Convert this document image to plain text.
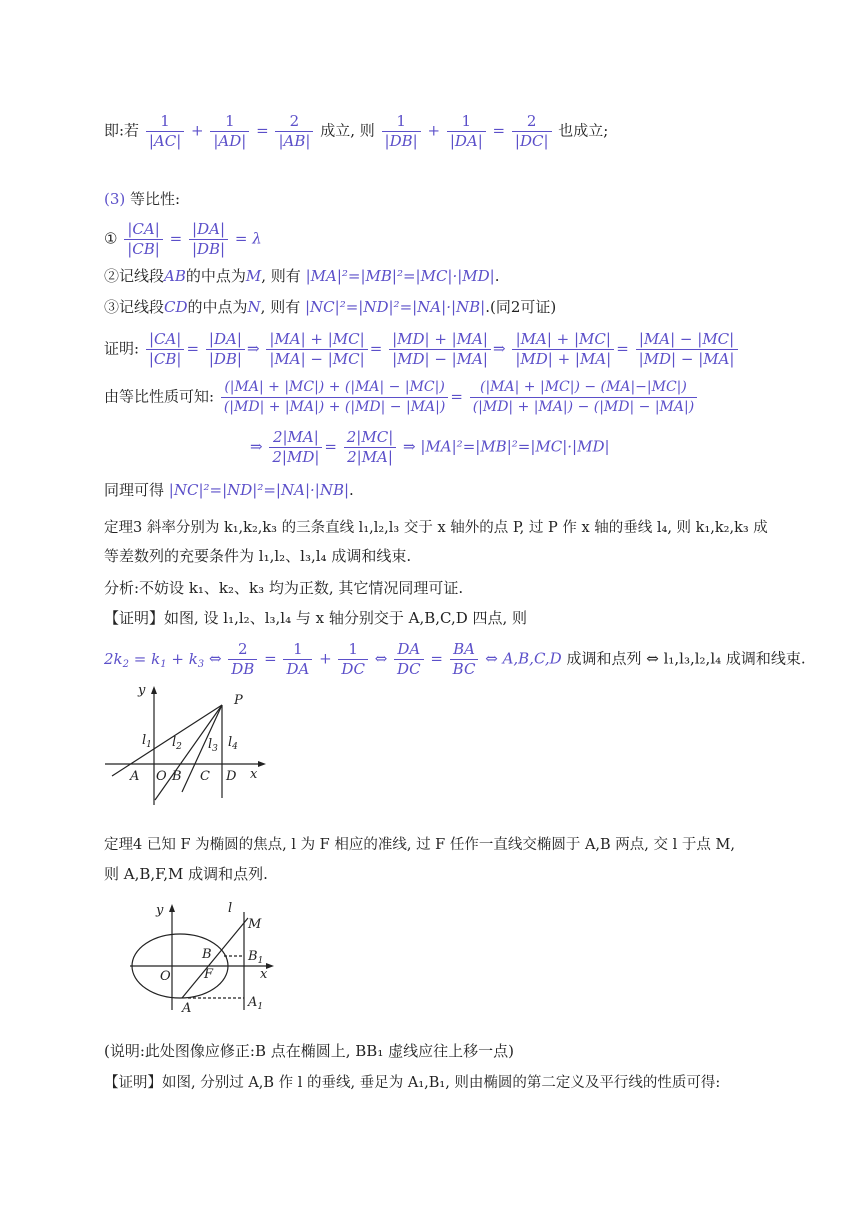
即:若 $\frac{1}{|AC|} + \frac{1}{|AD|} = \frac{2}{|AB|}$ 成立, 则 $\frac{1}{|DB|} + \frac{1}{|DA|} = \frac{2}{|DC|}$ 也成立;
(3) 等比性:
① $\frac{|CA|}{|CB|} = \frac{|DA|}{|DB|} = \lambda$
②记线段AB的中点为M, 则有 |MA|²=|MB|²=|MC|·|MD|.
③记线段CD的中点为N, 则有 |NC|²=|ND|²=|NA|·|NB|.(同2可证)
证明: $\frac{|CA|}{|CB|} = \frac{|DA|}{|DB|}$ ⇒ $\frac{|MA| + |MC|}{|MA| - |MC|} = \frac{|MD| + |MA|}{|MD| - |MA|}$ ⇒ $\frac{|MA| + |MC|}{|MD| + |MA|} = \frac{|MA| - |MC|}{|MD| - |MA|}$
由等比性质可知: $\frac{(|MA| + |MC|) + (|MA| - |MC|)}{(|MD| + |MA|) + (|MD| - |MA|)} = \frac{(|MA| + |MC|) - (MA|-|MC|)}{(|MD| + |MA|) - (|MD| - |MA|)}$
⇒ $\frac{2|MA|}{2|MD|} = \frac{2|MC|}{2|MA|}$ ⇒ |MA|²=|MB|²=|MC|·|MD|
同理可得 |NC|²=|ND|²=|NA|·|NB|.
定理3 斜率分别为 k₁,k₂,k₃ 的三条直线 l₁,l₂,l₃ 交于 x 轴外的点 P, 过 P 作 x 轴的垂线 l₄, 则 k₁,k₂,k₃ 成
等差数列的充要条件为 l₁,l₂、l₃,l₄ 成调和线束.
分析:不妨设 k₁、k₂、k₃ 均为正数, 其它情况同理可证.
【证明】如图, 设 l₁,l₂、l₃,l₄ 与 x 轴分别交于 A,B,C,D 四点, 则
$2k_2 = k_1 + k_3$ ⇔ $\frac{2}{DB} = \frac{1}{DA} + \frac{1}{DC}$ ⇔ $\frac{DA}{DC} = \frac{BA}{BC}$ ⇔ A,B,C,D 成调和点列 ⇔ l₁,l₃,l₂,l₄ 成调和线束.
y
P
$l_1$ $l_2$ $l_3$ $l_4$
A O B C D x
定理4 已知 F 为椭圆的焦点, l 为 F 相应的准线, 过 F 任作一直线交椭圆于 A,B 两点, 交 l 于点 M,
则 A,B,F,M 成调和点列.
y	l
M
B	$B_1$
O	F	x
A	$A_1$
(说明:此处图像应修正:B 点在椭圆上, BB₁ 虚线应往上移一点)
【证明】如图, 分别过 A,B 作 l 的垂线, 垂足为 A₁,B₁, 则由椭圆的第二定义及平行线的性质可得:
